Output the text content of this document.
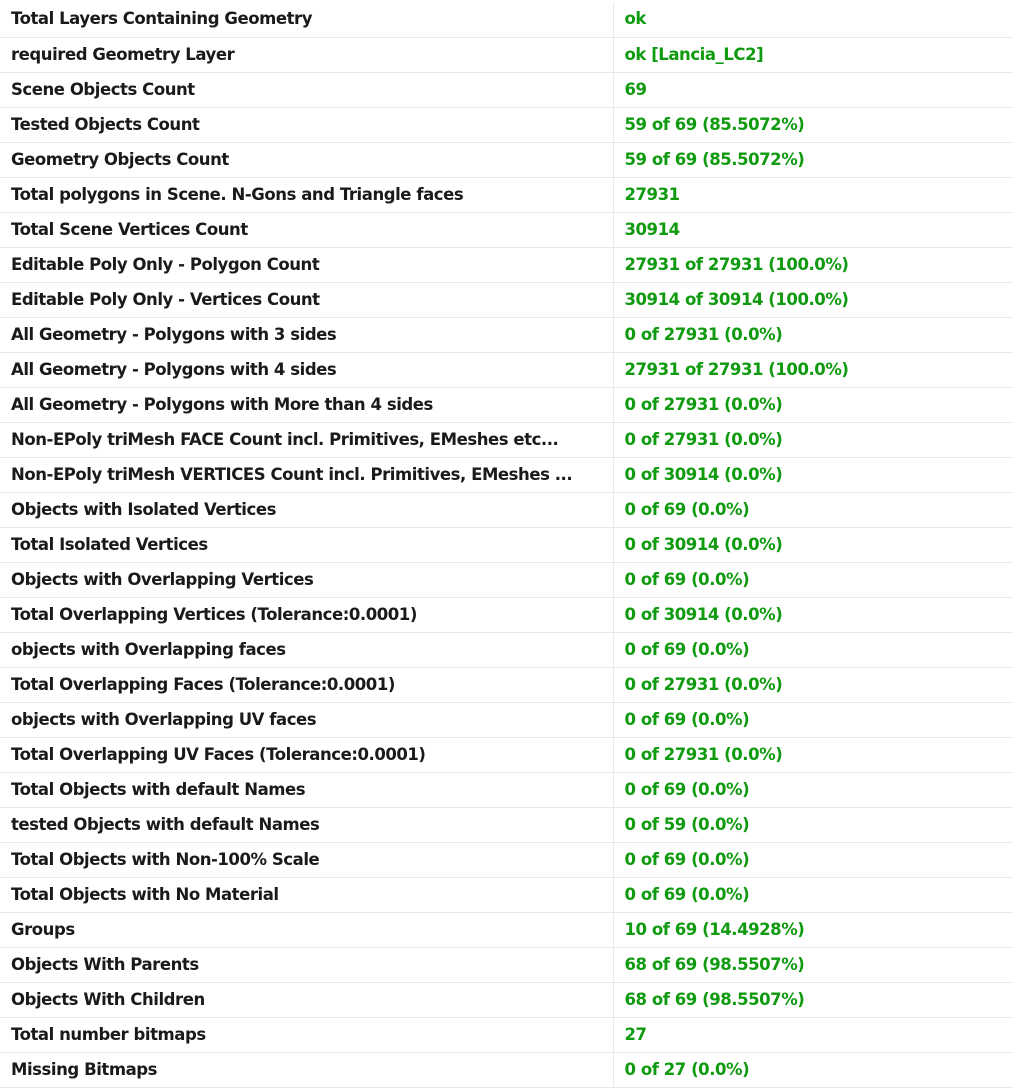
Total Layers Containing Geometry	ok
required Geometry Layer	ok [Lancia_LC2]
Scene Objects Count	69
Tested Objects Count	59 of 69 (85.5072%)
Geometry Objects Count	59 of 69 (85.5072%)
Total polygons in Scene. N-Gons and Triangle faces	27931
Total Scene Vertices Count	30914
Editable Poly Only - Polygon Count	27931 of 27931 (100.0%)
Editable Poly Only - Vertices Count	30914 of 30914 (100.0%)
All Geometry - Polygons with 3 sides	0 of 27931 (0.0%)
All Geometry - Polygons with 4 sides	27931 of 27931 (100.0%)
All Geometry - Polygons with More than 4 sides	0 of 27931 (0.0%)
Non-EPoly triMesh FACE Count incl. Primitives, EMeshes etc...	0 of 27931 (0.0%)
Non-EPoly triMesh VERTICES Count incl. Primitives, EMeshes ...	0 of 30914 (0.0%)
Objects with Isolated Vertices	0 of 69 (0.0%)
Total Isolated Vertices	0 of 30914 (0.0%)
Objects with Overlapping Vertices	0 of 69 (0.0%)
Total Overlapping Vertices (Tolerance:0.0001)	0 of 30914 (0.0%)
objects with Overlapping faces	0 of 69 (0.0%)
Total Overlapping Faces (Tolerance:0.0001)	0 of 27931 (0.0%)
objects with Overlapping UV faces	0 of 69 (0.0%)
Total Overlapping UV Faces (Tolerance:0.0001)	0 of 27931 (0.0%)
Total Objects with default Names	0 of 69 (0.0%)
tested Objects with default Names	0 of 59 (0.0%)
Total Objects with Non-100% Scale	0 of 69 (0.0%)
Total Objects with No Material	0 of 69 (0.0%)
Groups	10 of 69 (14.4928%)
Objects With Parents	68 of 69 (98.5507%)
Objects With Children	68 of 69 (98.5507%)
Total number bitmaps	27
Missing Bitmaps	0 of 27 (0.0%)
